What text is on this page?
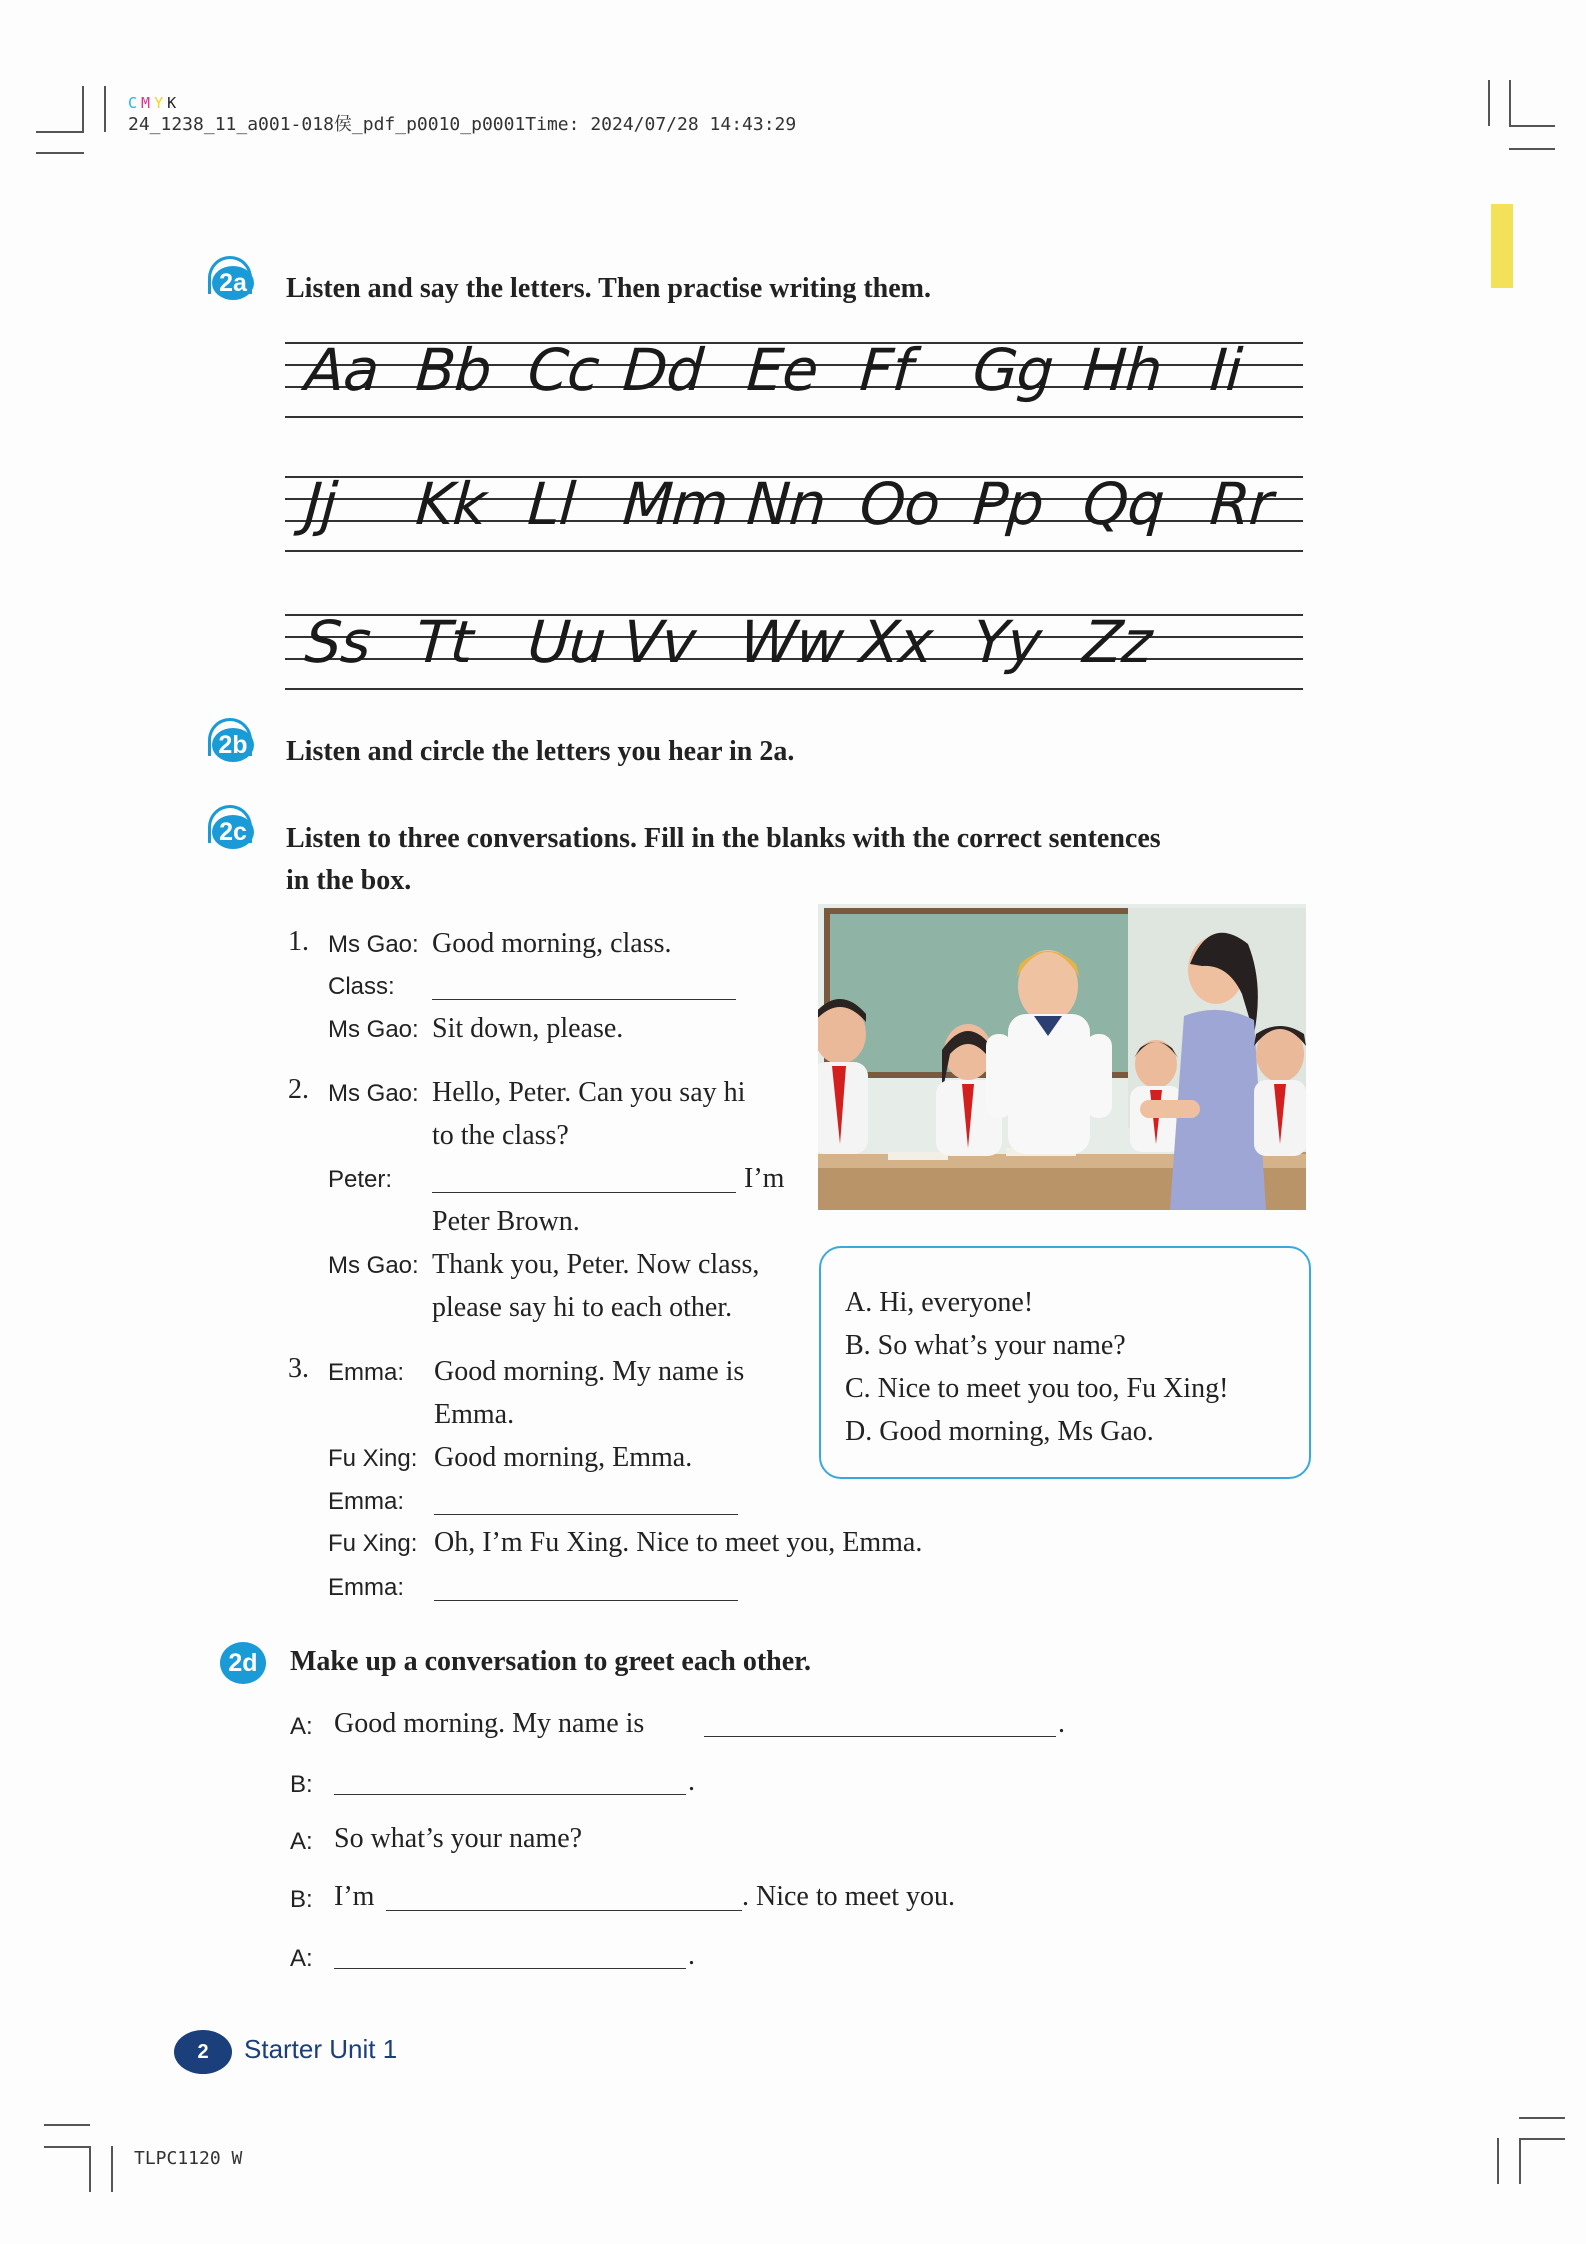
C M Y K
24_1238_11_a001-018侯_pdf_p0010_p0001Time: 2024/07/28 14:43:29
2a Listen and say the letters. Then practise writing them.
Aa Bb Cc Dd Ee Ff Gg Hh Ii
Jj Kk Ll Mm Nn Oo Pp Qq Rr
Ss Tt Uu Vv Ww Xx Yy Zz
2b Listen and circle the letters you hear in 2a.
2c Listen to three conversations. Fill in the blanks with the correct sentences
in the box.
1. Ms Gao: Good morning, class.
Class:
Ms Gao: Sit down, please.
2. Ms Gao: Hello, Peter. Can you say hi
to the class?
Peter:	I’m
Peter Brown.
Ms Gao: Thank you, Peter. Now class,
please say hi to each other.
3. Emma: Good morning. My name is
Emma.
Fu Xing: Good morning, Emma.
Emma:
Fu Xing: Oh, I’m Fu Xing. Nice to meet you, Emma.
Emma:
A. Hi, everyone!
B. So what’s your name?
C. Nice to meet you too, Fu Xing!
D. Good morning, Ms Gao.
2d	Make up a conversation to greet each other.
A: Good morning. My name is	.
B:	.
A: So what’s your name?
B: I’m	. Nice to meet you.
A:	.
2	Starter Unit 1
TLPC1120 W
